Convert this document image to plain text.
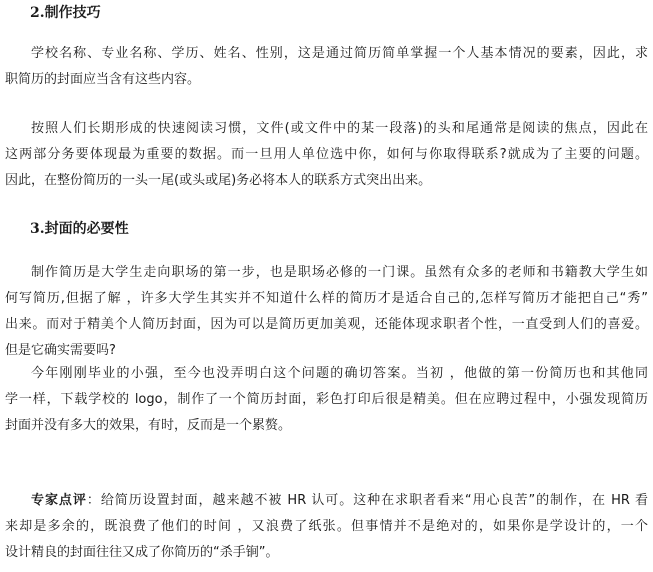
2.制作技巧
学校名称、专业名称、学历、姓名、性别，这是通过简历简单掌握一个人基本情况的要素，因此，求
职简历的封面应当含有这些内容。
按照人们长期形成的快速阅读习惯，文件(或文件中的某一段落)的头和尾通常是阅读的焦点，因此在
这两部分务要体现最为重要的数据。而一旦用人单位选中你，如何与你取得联系?就成为了主要的问题。
因此，在整份简历的一头一尾(或头或尾)务必将本人的联系方式突出出来。
3.封面的必要性
制作简历是大学生走向职场的第一步，也是职场必修的一门课。虽然有众多的老师和书籍教大学生如
何写简历,但据了解 ，许多大学生其实并不知道什么样的简历才是适合自己的,怎样写简历才能把自己“秀”
出来。而对于精美个人简历封面，因为可以是简历更加美观，还能体现求职者个性，一直受到人们的喜爱。
但是它确实需要吗?
今年刚刚毕业的小强，至今也没弄明白这个问题的确切答案。当初 ，他做的第一份简历也和其他同
学一样，下载学校的 logo，制作了一个简历封面，彩色打印后很是精美。但在应聘过程中，小强发现简历
封面并没有多大的效果，有时，反而是一个累赘。
专家点评：给简历设置封面，越来越不被 HR 认可。这种在求职者看来“用心良苦”的制作，在 HR 看
来却是多余的，既浪费了他们的时间 ，又浪费了纸张。但事情并不是绝对的，如果你是学设计的，一个
设计精良的封面往往又成了你简历的“杀手锏”。
